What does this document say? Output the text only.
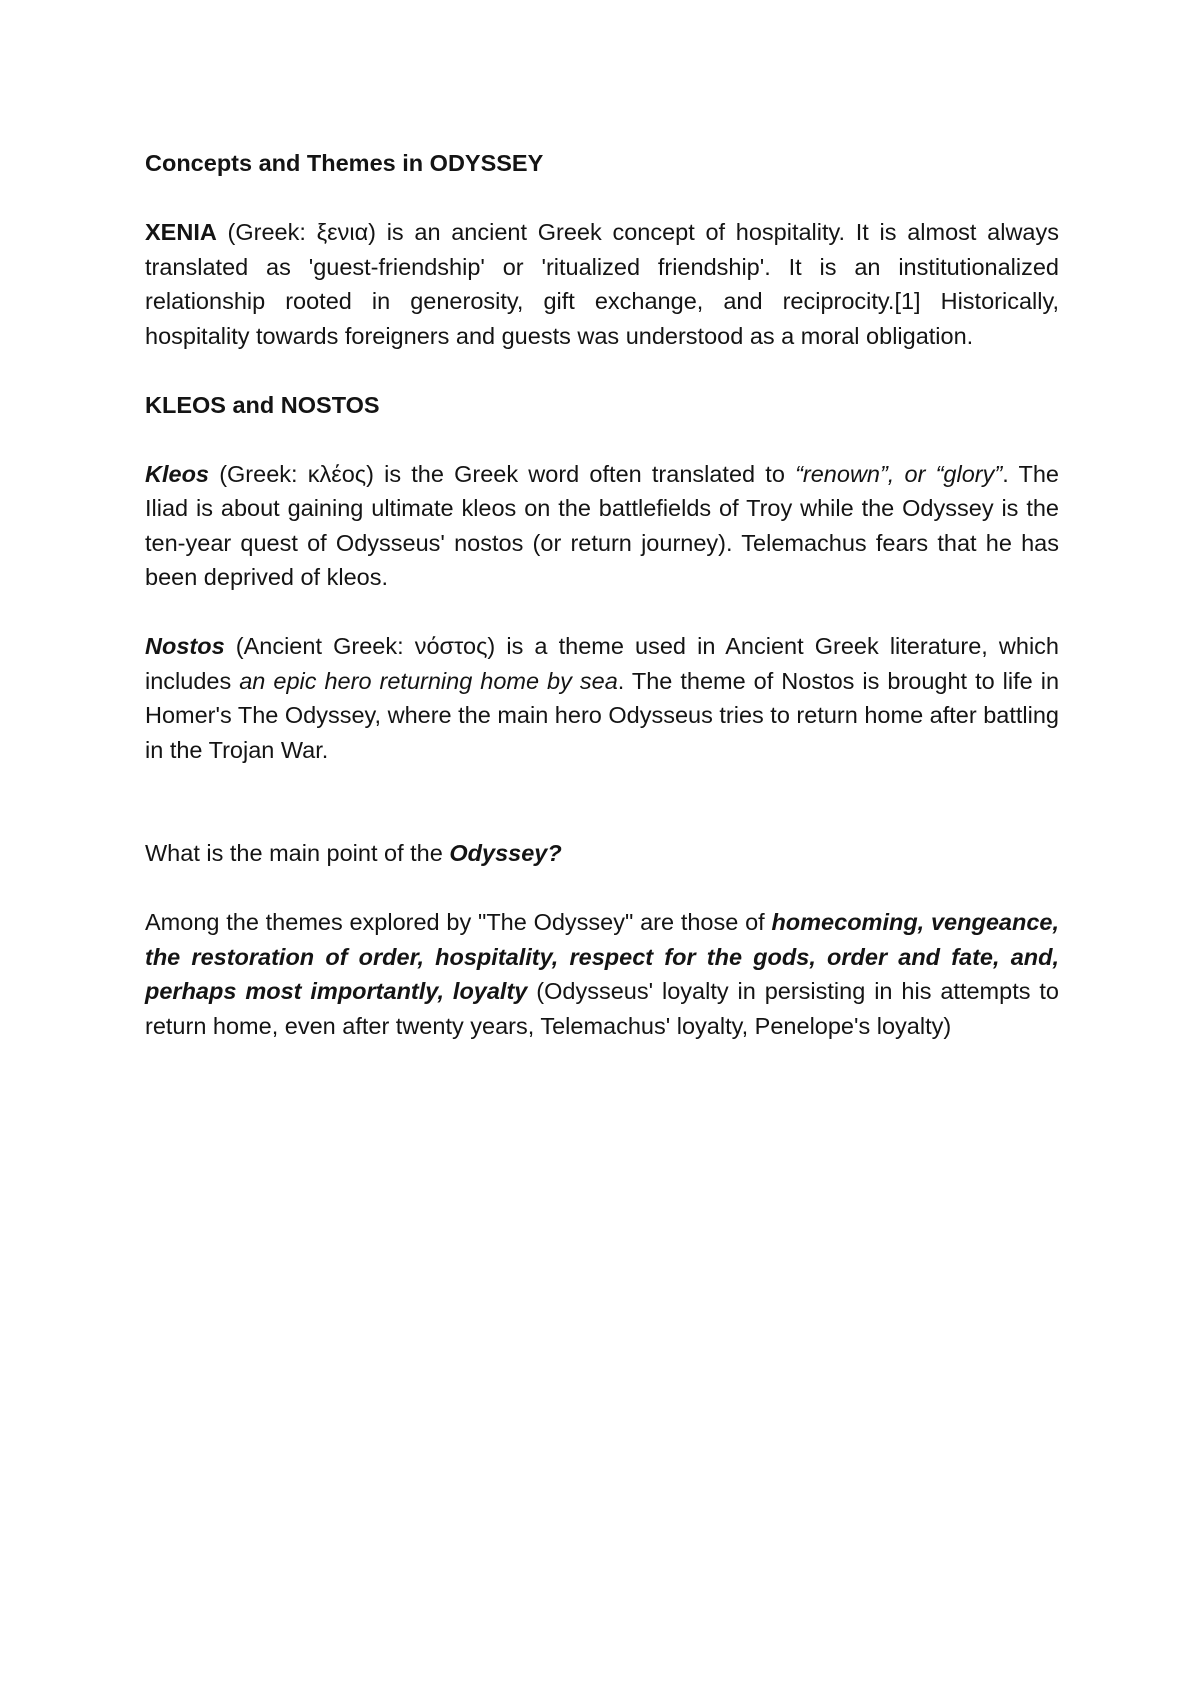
Concepts and Themes in ODYSSEY

XENIA (Greek: ξενια) is an ancient Greek concept of hospitality. It is almost always translated as 'guest-friendship' or 'ritualized friendship'. It is an institutionalized relationship rooted in generosity, gift exchange, and reciprocity.[1] Historically, hospitality towards foreigners and guests was understood as a moral obligation.

KLEOS and NOSTOS

Kleos (Greek: κλέος) is the Greek word often translated to “renown”, or “glory”. The Iliad is about gaining ultimate kleos on the battlefields of Troy while the Odyssey is the ten-year quest of Odysseus' nostos (or return journey). Telemachus fears that he has been deprived of kleos.

Nostos (Ancient Greek: νόστος) is a theme used in Ancient Greek literature, which includes an epic hero returning home by sea. The theme of Nostos is brought to life in Homer's The Odyssey, where the main hero Odysseus tries to return home after battling in the Trojan War.

What is the main point of the Odyssey?

Among the themes explored by "The Odyssey" are those of homecoming, vengeance, the restoration of order, hospitality, respect for the gods, order and fate, and, perhaps most importantly, loyalty (Odysseus' loyalty in persisting in his attempts to return home, even after twenty years, Telemachus' loyalty, Penelope's loyalty)
